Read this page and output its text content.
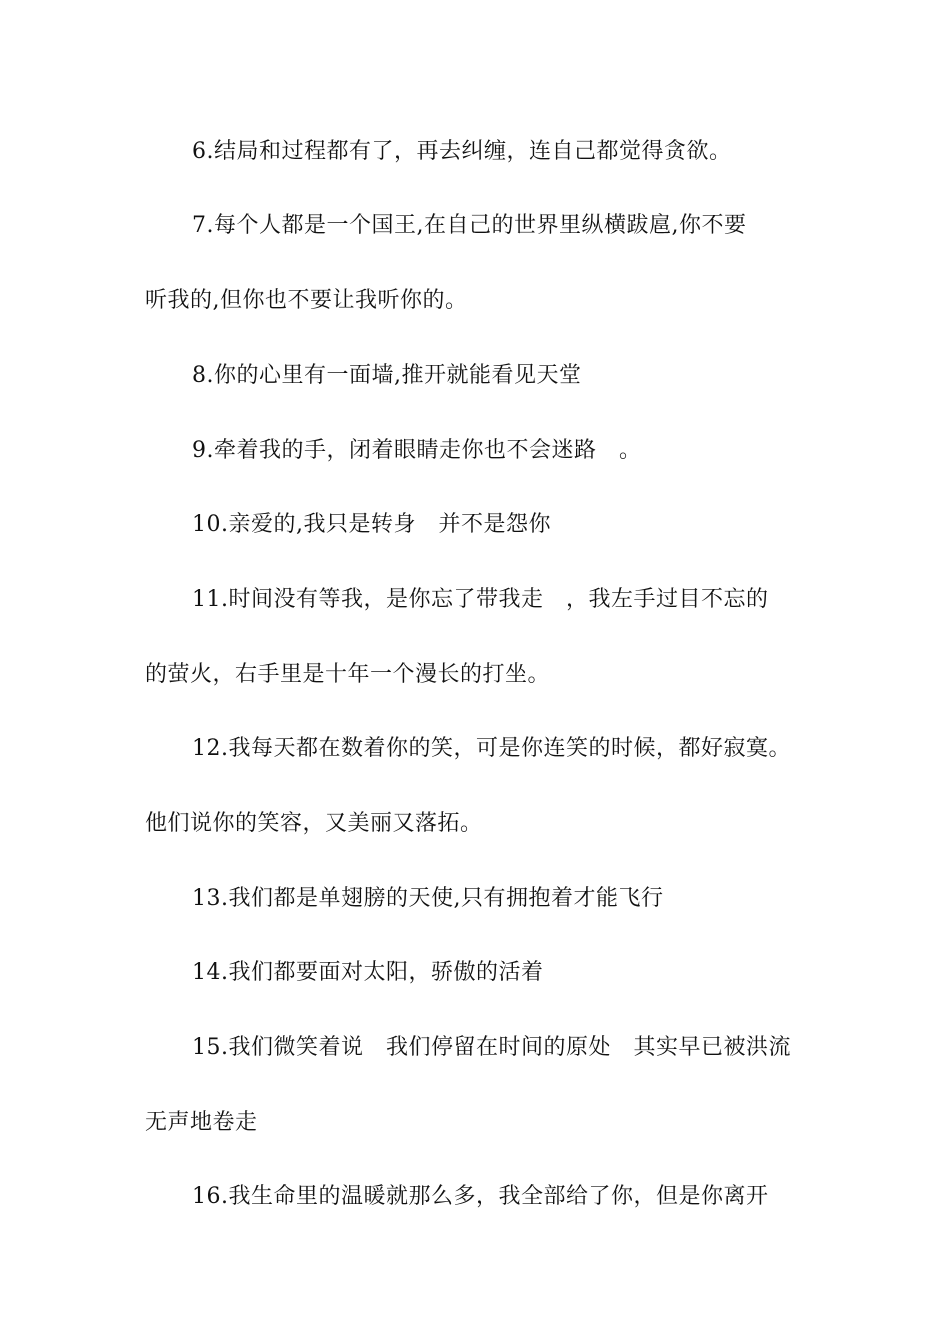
6.结局和过程都有了，再去纠缠，连自己都觉得贪欲。
7.每个人都是一个国王,在自己的世界里纵横跋扈,你不要
听我的,但你也不要让我听你的。
8.你的心里有一面墙,推开就能看见天堂
9.牵着我的手，闭着眼睛走你也不会迷路　。
10.亲爱的,我只是转身　并不是怨你
11.时间没有等我，是你忘了带我走　，我左手过目不忘的
的萤火，右手里是十年一个漫长的打坐。
12.我每天都在数着你的笑，可是你连笑的时候，都好寂寞。
他们说你的笑容，又美丽又落拓。
13.我们都是单翅膀的天使,只有拥抱着才能飞行
14.我们都要面对太阳，骄傲的活着
15.我们微笑着说　我们停留在时间的原处　其实早已被洪流
无声地卷走
16.我生命里的温暖就那么多，我全部给了你，但是你离开
